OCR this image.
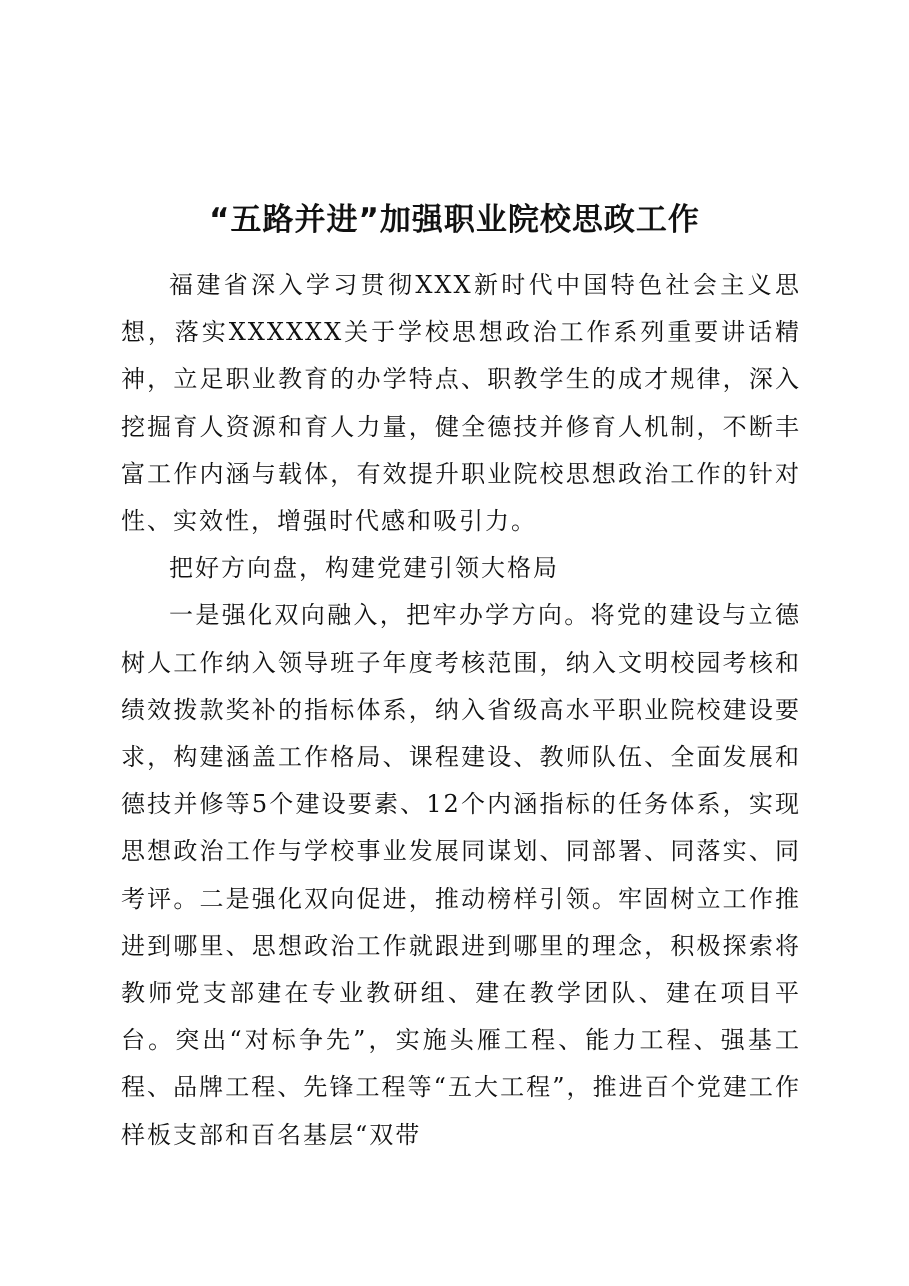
“五路并进”加强职业院校思政工作

福建省深入学习贯彻XXX新时代中国特色社会主义思想，落实XXXXXX关于学校思想政治工作系列重要讲话精神，立足职业教育的办学特点、职教学生的成才规律，深入挖掘育人资源和育人力量，健全德技并修育人机制，不断丰富工作内涵与载体，有效提升职业院校思想政治工作的针对性、实效性，增强时代感和吸引力。

把好方向盘，构建党建引领大格局

一是强化双向融入，把牢办学方向。将党的建设与立德树人工作纳入领导班子年度考核范围，纳入文明校园考核和绩效拨款奖补的指标体系，纳入省级高水平职业院校建设要求，构建涵盖工作格局、课程建设、教师队伍、全面发展和德技并修等5个建设要素、12个内涵指标的任务体系，实现思想政治工作与学校事业发展同谋划、同部署、同落实、同考评。二是强化双向促进，推动榜样引领。牢固树立工作推进到哪里、思想政治工作就跟进到哪里的理念，积极探索将教师党支部建在专业教研组、建在教学团队、建在项目平台。突出“对标争先”，实施头雁工程、能力工程、强基工程、品牌工程、先锋工程等“五大工程”，推进百个党建工作样板支部和百名基层“双带
